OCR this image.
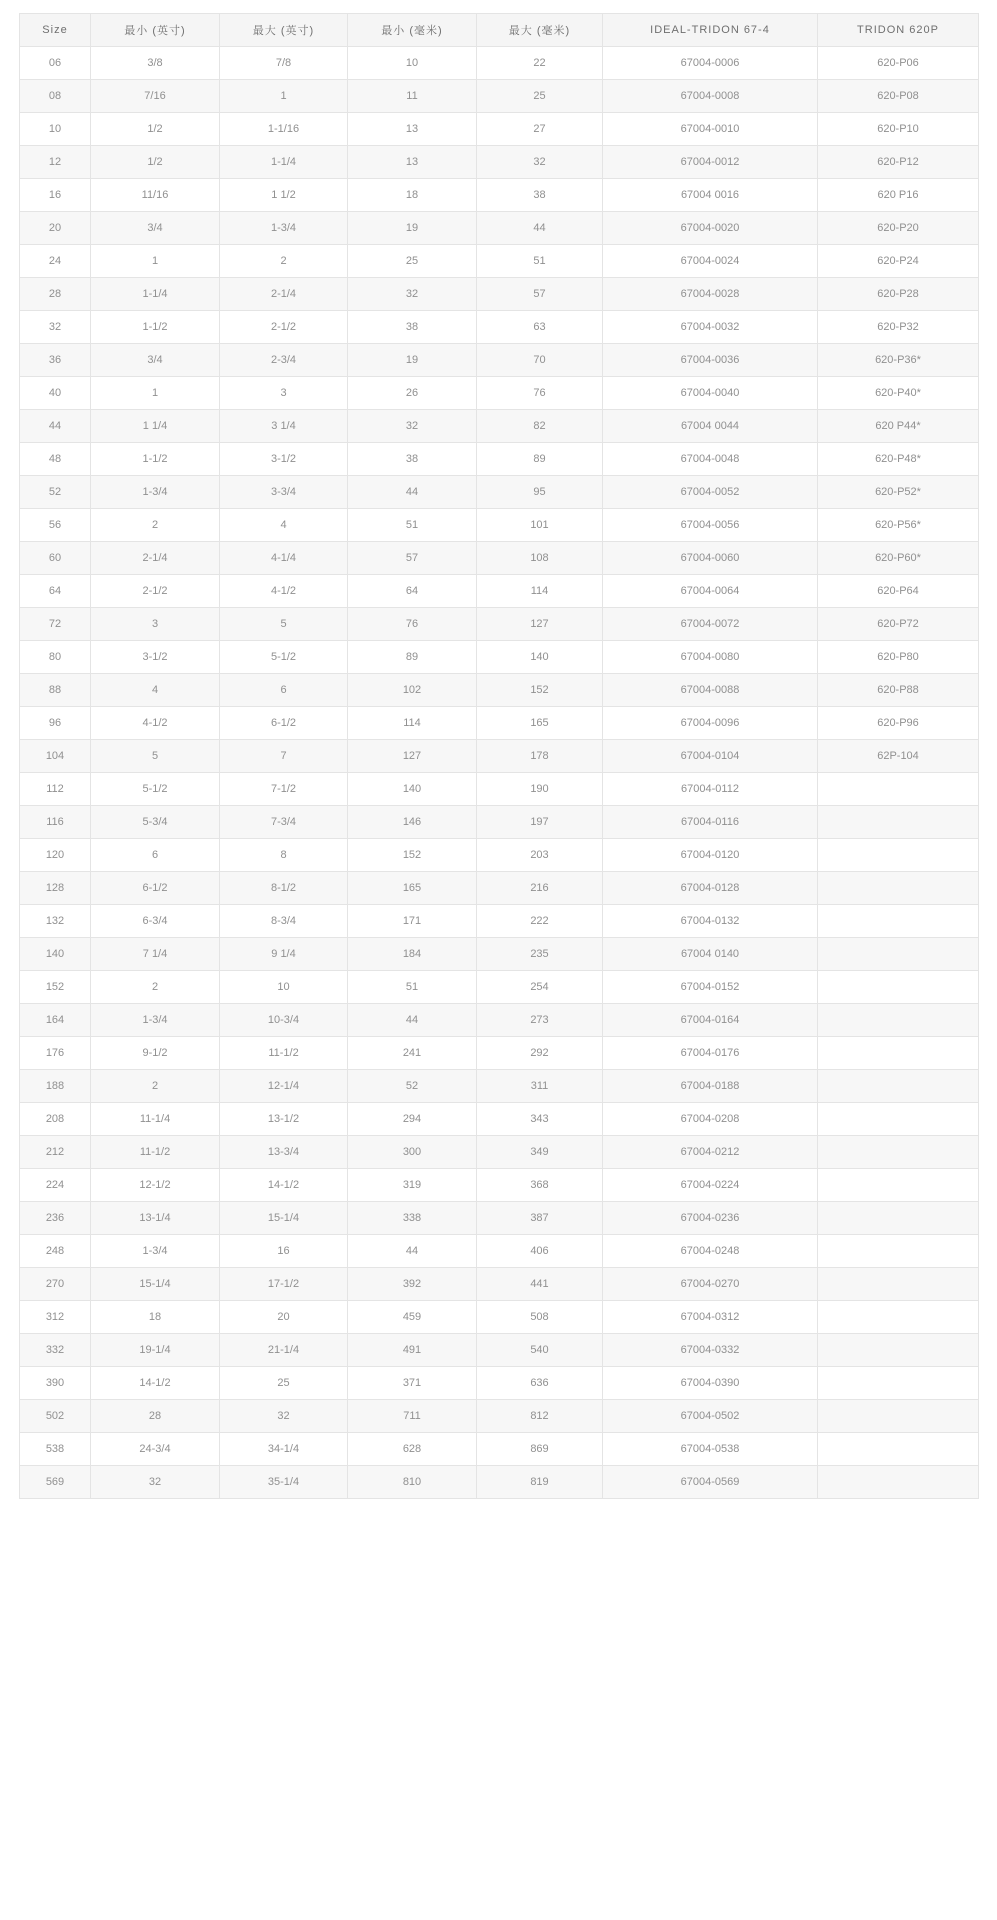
Size	最小 (英寸)	最大 (英寸)	最小 (毫米)	最大 (毫米)	IDEAL-TRIDON 67-4	TRIDON 620P
06	3/8	7/8	10	22	67004-0006	620-P06
08	7/16	1	11	25	67004-0008	620-P08
10	1/2	1-1/16	13	27	67004-0010	620-P10
12	1/2	1-1/4	13	32	67004-0012	620-P12
16	11/16	1 1/2	18	38	67004 0016	620 P16
20	3/4	1-3/4	19	44	67004-0020	620-P20
24	1	2	25	51	67004-0024	620-P24
28	1-1/4	2-1/4	32	57	67004-0028	620-P28
32	1-1/2	2-1/2	38	63	67004-0032	620-P32
36	3/4	2-3/4	19	70	67004-0036	620-P36*
40	1	3	26	76	67004-0040	620-P40*
44	1 1/4	3 1/4	32	82	67004 0044	620 P44*
48	1-1/2	3-1/2	38	89	67004-0048	620-P48*
52	1-3/4	3-3/4	44	95	67004-0052	620-P52*
56	2	4	51	101	67004-0056	620-P56*
60	2-1/4	4-1/4	57	108	67004-0060	620-P60*
64	2-1/2	4-1/2	64	114	67004-0064	620-P64
72	3	5	76	127	67004-0072	620-P72
80	3-1/2	5-1/2	89	140	67004-0080	620-P80
88	4	6	102	152	67004-0088	620-P88
96	4-1/2	6-1/2	114	165	67004-0096	620-P96
104	5	7	127	178	67004-0104	62P-104
112	5-1/2	7-1/2	140	190	67004-0112	
116	5-3/4	7-3/4	146	197	67004-0116	
120	6	8	152	203	67004-0120	
128	6-1/2	8-1/2	165	216	67004-0128	
132	6-3/4	8-3/4	171	222	67004-0132	
140	7 1/4	9 1/4	184	235	67004 0140	
152	2	10	51	254	67004-0152	
164	1-3/4	10-3/4	44	273	67004-0164	
176	9-1/2	11-1/2	241	292	67004-0176	
188	2	12-1/4	52	311	67004-0188	
208	11-1/4	13-1/2	294	343	67004-0208	
212	11-1/2	13-3/4	300	349	67004-0212	
224	12-1/2	14-1/2	319	368	67004-0224	
236	13-1/4	15-1/4	338	387	67004-0236	
248	1-3/4	16	44	406	67004-0248	
270	15-1/4	17-1/2	392	441	67004-0270	
312	18	20	459	508	67004-0312	
332	19-1/4	21-1/4	491	540	67004-0332	
390	14-1/2	25	371	636	67004-0390	
502	28	32	711	812	67004-0502	
538	24-3/4	34-1/4	628	869	67004-0538	
569	32	35-1/4	810	819	67004-0569	
